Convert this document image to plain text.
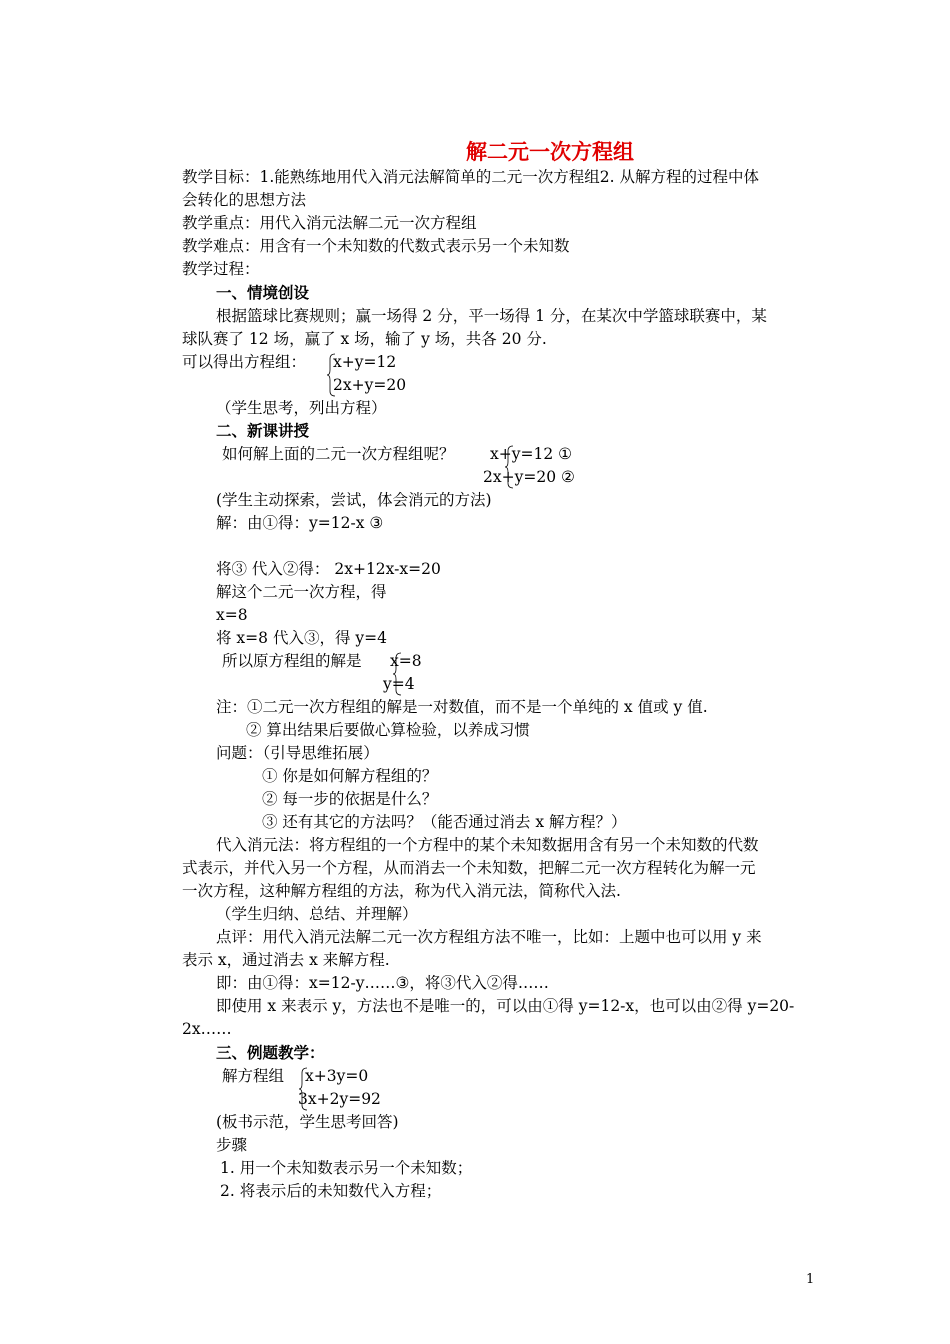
解二元一次方程组
教学目标：1.能熟练地用代入消元法解简单的二元一次方程组2. 从解方程的过程中体
会转化的思想方法
教学重点：用代入消元法解二元一次方程组
教学难点：用含有一个未知数的代数式表示另一个未知数
教学过程：
一、情境创设
根据篮球比赛规则；赢一场得 2 分，平一场得 1 分，在某次中学篮球联赛中，某
球队赛了 12 场，赢了 x 场，输了 y 场，共各 20 分.
可以得出方程组： x+y=12
2x+y=20
（学生思考，列出方程）
二、新课讲授
如何解上面的二元一次方程组呢？ x+y=12 ①
2x+y=20 ②
(学生主动探索，尝试，体会消元的方法)
解：由①得：y=12-x ③
将③ 代入②得： 2x+12x-x=20
解这个二元一次方程，得
x=8
将 x=8 代入③，得 y=4
所以原方程组的解是 x=8
y=4
注：①二元一次方程组的解是一对数值，而不是一个单纯的 x 值或 y 值.
② 算出结果后要做心算检验，以养成习惯
问题：（引导思维拓展）
① 你是如何解方程组的？
② 每一步的依据是什么？
③ 还有其它的方法吗？（能否通过消去 x 解方程？）
代入消元法：将方程组的一个方程中的某个未知数据用含有另一个未知数的代数
式表示，并代入另一个方程，从而消去一个未知数，把解二元一次方程转化为解一元
一次方程，这种解方程组的方法，称为代入消元法，简称代入法.
（学生归纳、总结、并理解）
点评：用代入消元法解二元一次方程组方法不唯一，比如：上题中也可以用 y 来
表示 x，通过消去 x 来解方程.
即：由①得：x=12-y……③，将③代入②得……
即使用 x 来表示 y，方法也不是唯一的，可以由①得 y=12-x，也可以由②得 y=20-
2x……
三、例题教学：
解方程组 x+3y=0
3x+2y=92
(板书示范，学生思考回答)
步骤
1. 用一个未知数表示另一个未知数；
2. 将表示后的未知数代入方程；
1
